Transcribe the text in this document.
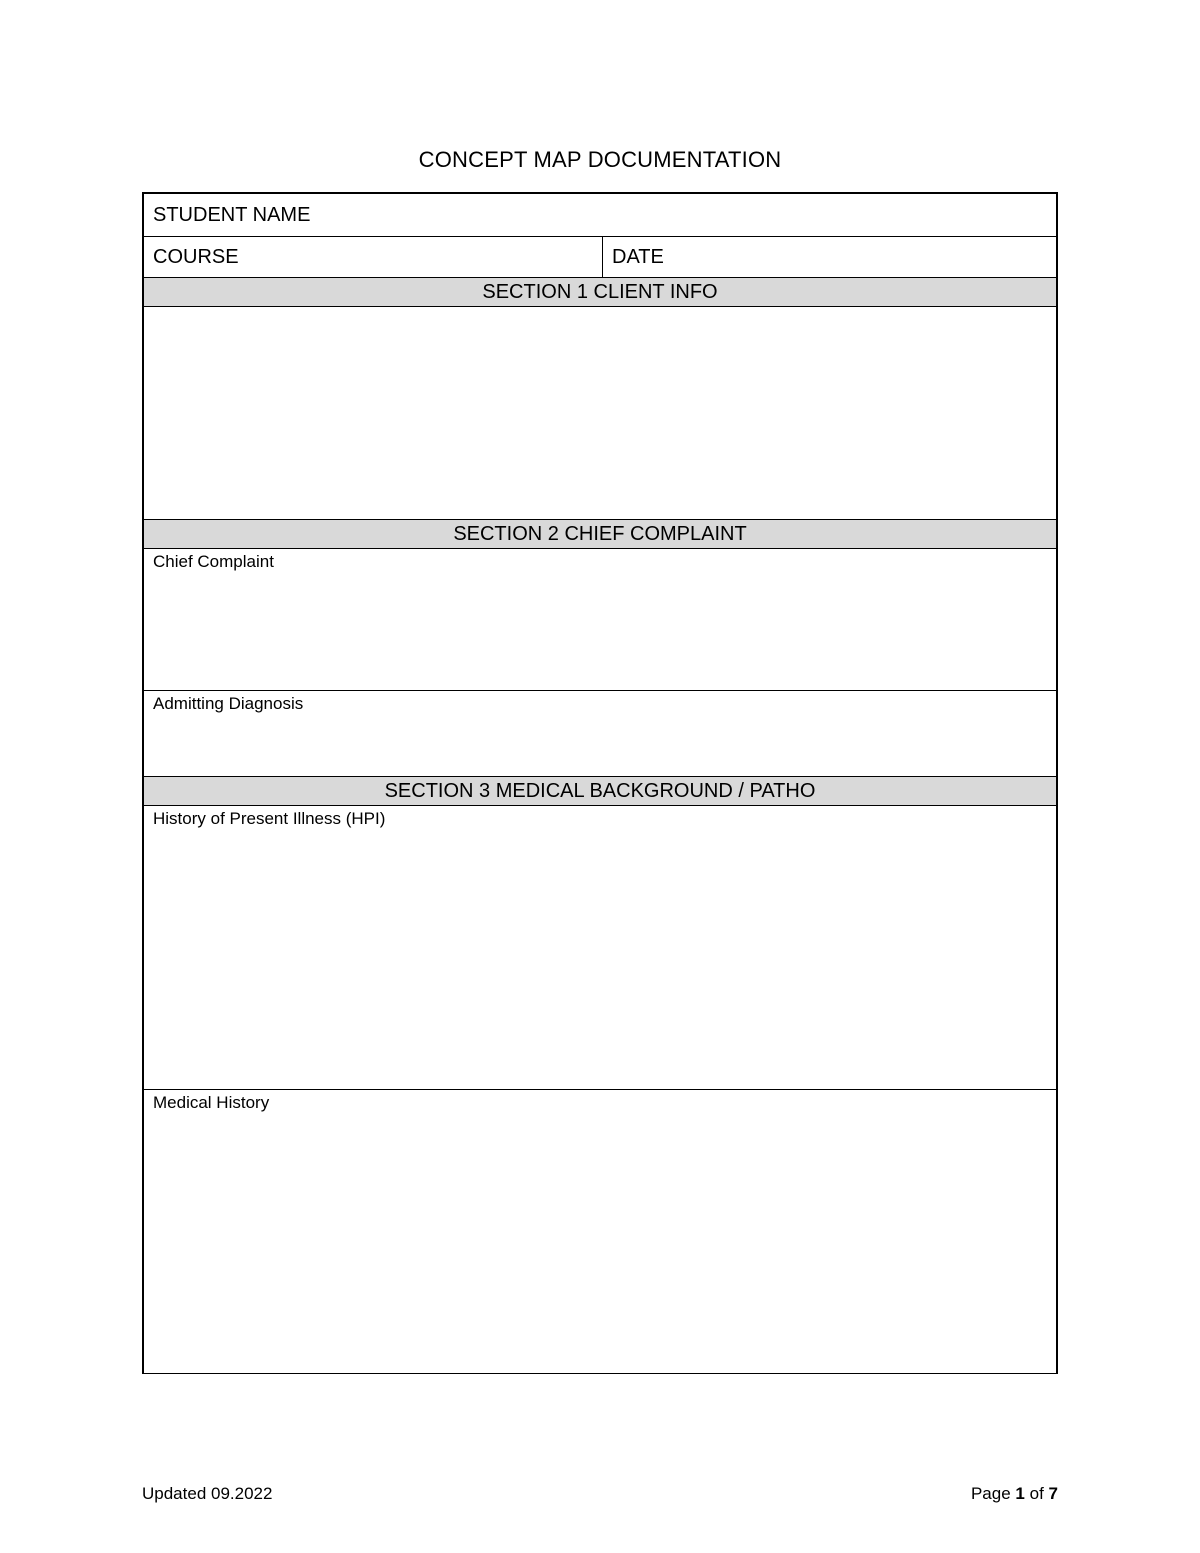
CONCEPT MAP DOCUMENTATION
STUDENT NAME
COURSE	DATE
SECTION 1 CLIENT INFO
SECTION 2 CHIEF COMPLAINT
Chief Complaint
Admitting Diagnosis
SECTION 3 MEDICAL BACKGROUND / PATHO
History of Present Illness (HPI)
Medical History
Updated 09.2022	Page 1 of 7
